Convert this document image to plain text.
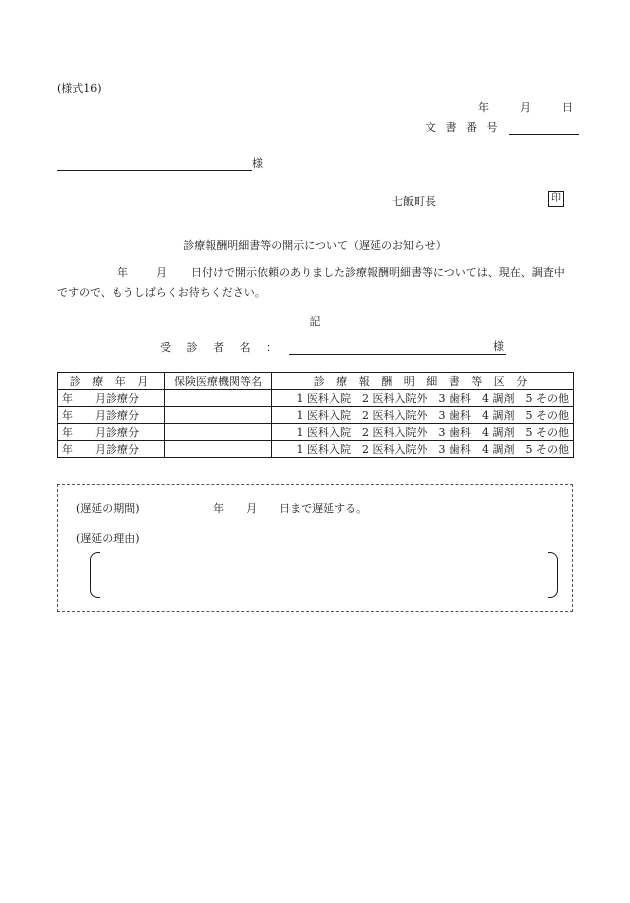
(様式16)
年	月	日
文 書 番 号
様
七飯町長	印
診療報酬明細書等の開示について（遅延のお知らせ）
年	月 日付けで開示依頼のありました診療報酬明細書等については、現在、調査中ですので、もうしばらくお待ちください。
記
受 診 者 名 ：	様
診 療 年 月	保険医療機関等名	診 療 報 酬 明 細 書 等 区 分
年　　月診療分		1 医科入院　2 医科入院外　3 歯科　4 調剤　5 その他
年　　月診療分		1 医科入院　2 医科入院外　3 歯科　4 調剤　5 その他
年　　月診療分		1 医科入院　2 医科入院外　3 歯科　4 調剤　5 その他
年　　月診療分		1 医科入院　2 医科入院外　3 歯科　4 調剤　5 その他
(遅延の期間)	年　　月　　日まで遅延する。
(遅延の理由)
